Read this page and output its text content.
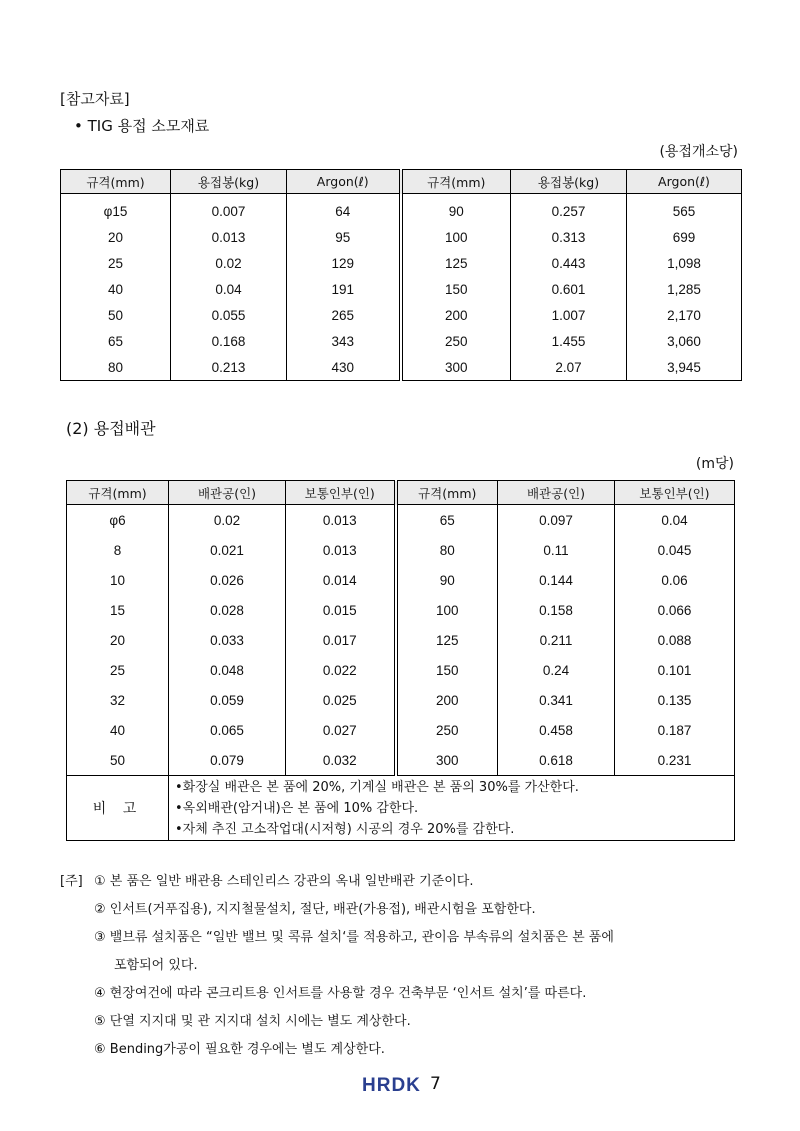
[참고자료]
• TIG 용접 소모재료
(용접개소당)
규격(mm)	용접봉(kg)	Argon(ℓ)	규격(mm)	용접봉(kg)	Argon(ℓ)
φ15	0.007	64	90	0.257	565
20	0.013	95	100	0.313	699
25	0.02	129	125	0.443	1,098
40	0.04	191	150	0.601	1,285
50	0.055	265	200	1.007	2,170
65	0.168	343	250	1.455	3,060
80	0.213	430	300	2.07	3,945
(2) 용접배관
(m당)
규격(mm)	배관공(인)	보통인부(인)	규격(mm)	배관공(인)	보통인부(인)
φ6	0.02	0.013	65	0.097	0.04
8	0.021	0.013	80	0.11	0.045
10	0.026	0.014	90	0.144	0.06
15	0.028	0.015	100	0.158	0.066
20	0.033	0.017	125	0.211	0.088
25	0.048	0.022	150	0.24	0.101
32	0.059	0.025	200	0.341	0.135
40	0.065	0.027	250	0.458	0.187
50	0.079	0.032	300	0.618	0.231
비 고	•화장실 배관은 본 품에 20%, 기계실 배관은 본 품의 30%를 가산한다.
•옥외배관(암거내)은 본 품에 10% 감한다.
•자체 추진 고소작업대(시저형) 시공의 경우 20%를 감한다.				
[주] ① 본 품은 일반 배관용 스테인리스 강관의 옥내 일반배관 기준이다.
② 인서트(거푸집용), 지지철물설치, 절단, 배관(가용접), 배관시험을 포함한다.
③ 밸브류 설치품은 “일반 밸브 및 콕류 설치‘를 적용하고, 관이음 부속류의 설치품은 본 품에
포함되어 있다.
④ 현장여건에 따라 콘크리트용 인서트를 사용할 경우 건축부문 ‘인서트 설치’를 따른다.
⑤ 단열 지지대 및 관 지지대 설치 시에는 별도 계상한다.
⑥ Bending가공이 필요한 경우에는 별도 계상한다.
HRDK 7
